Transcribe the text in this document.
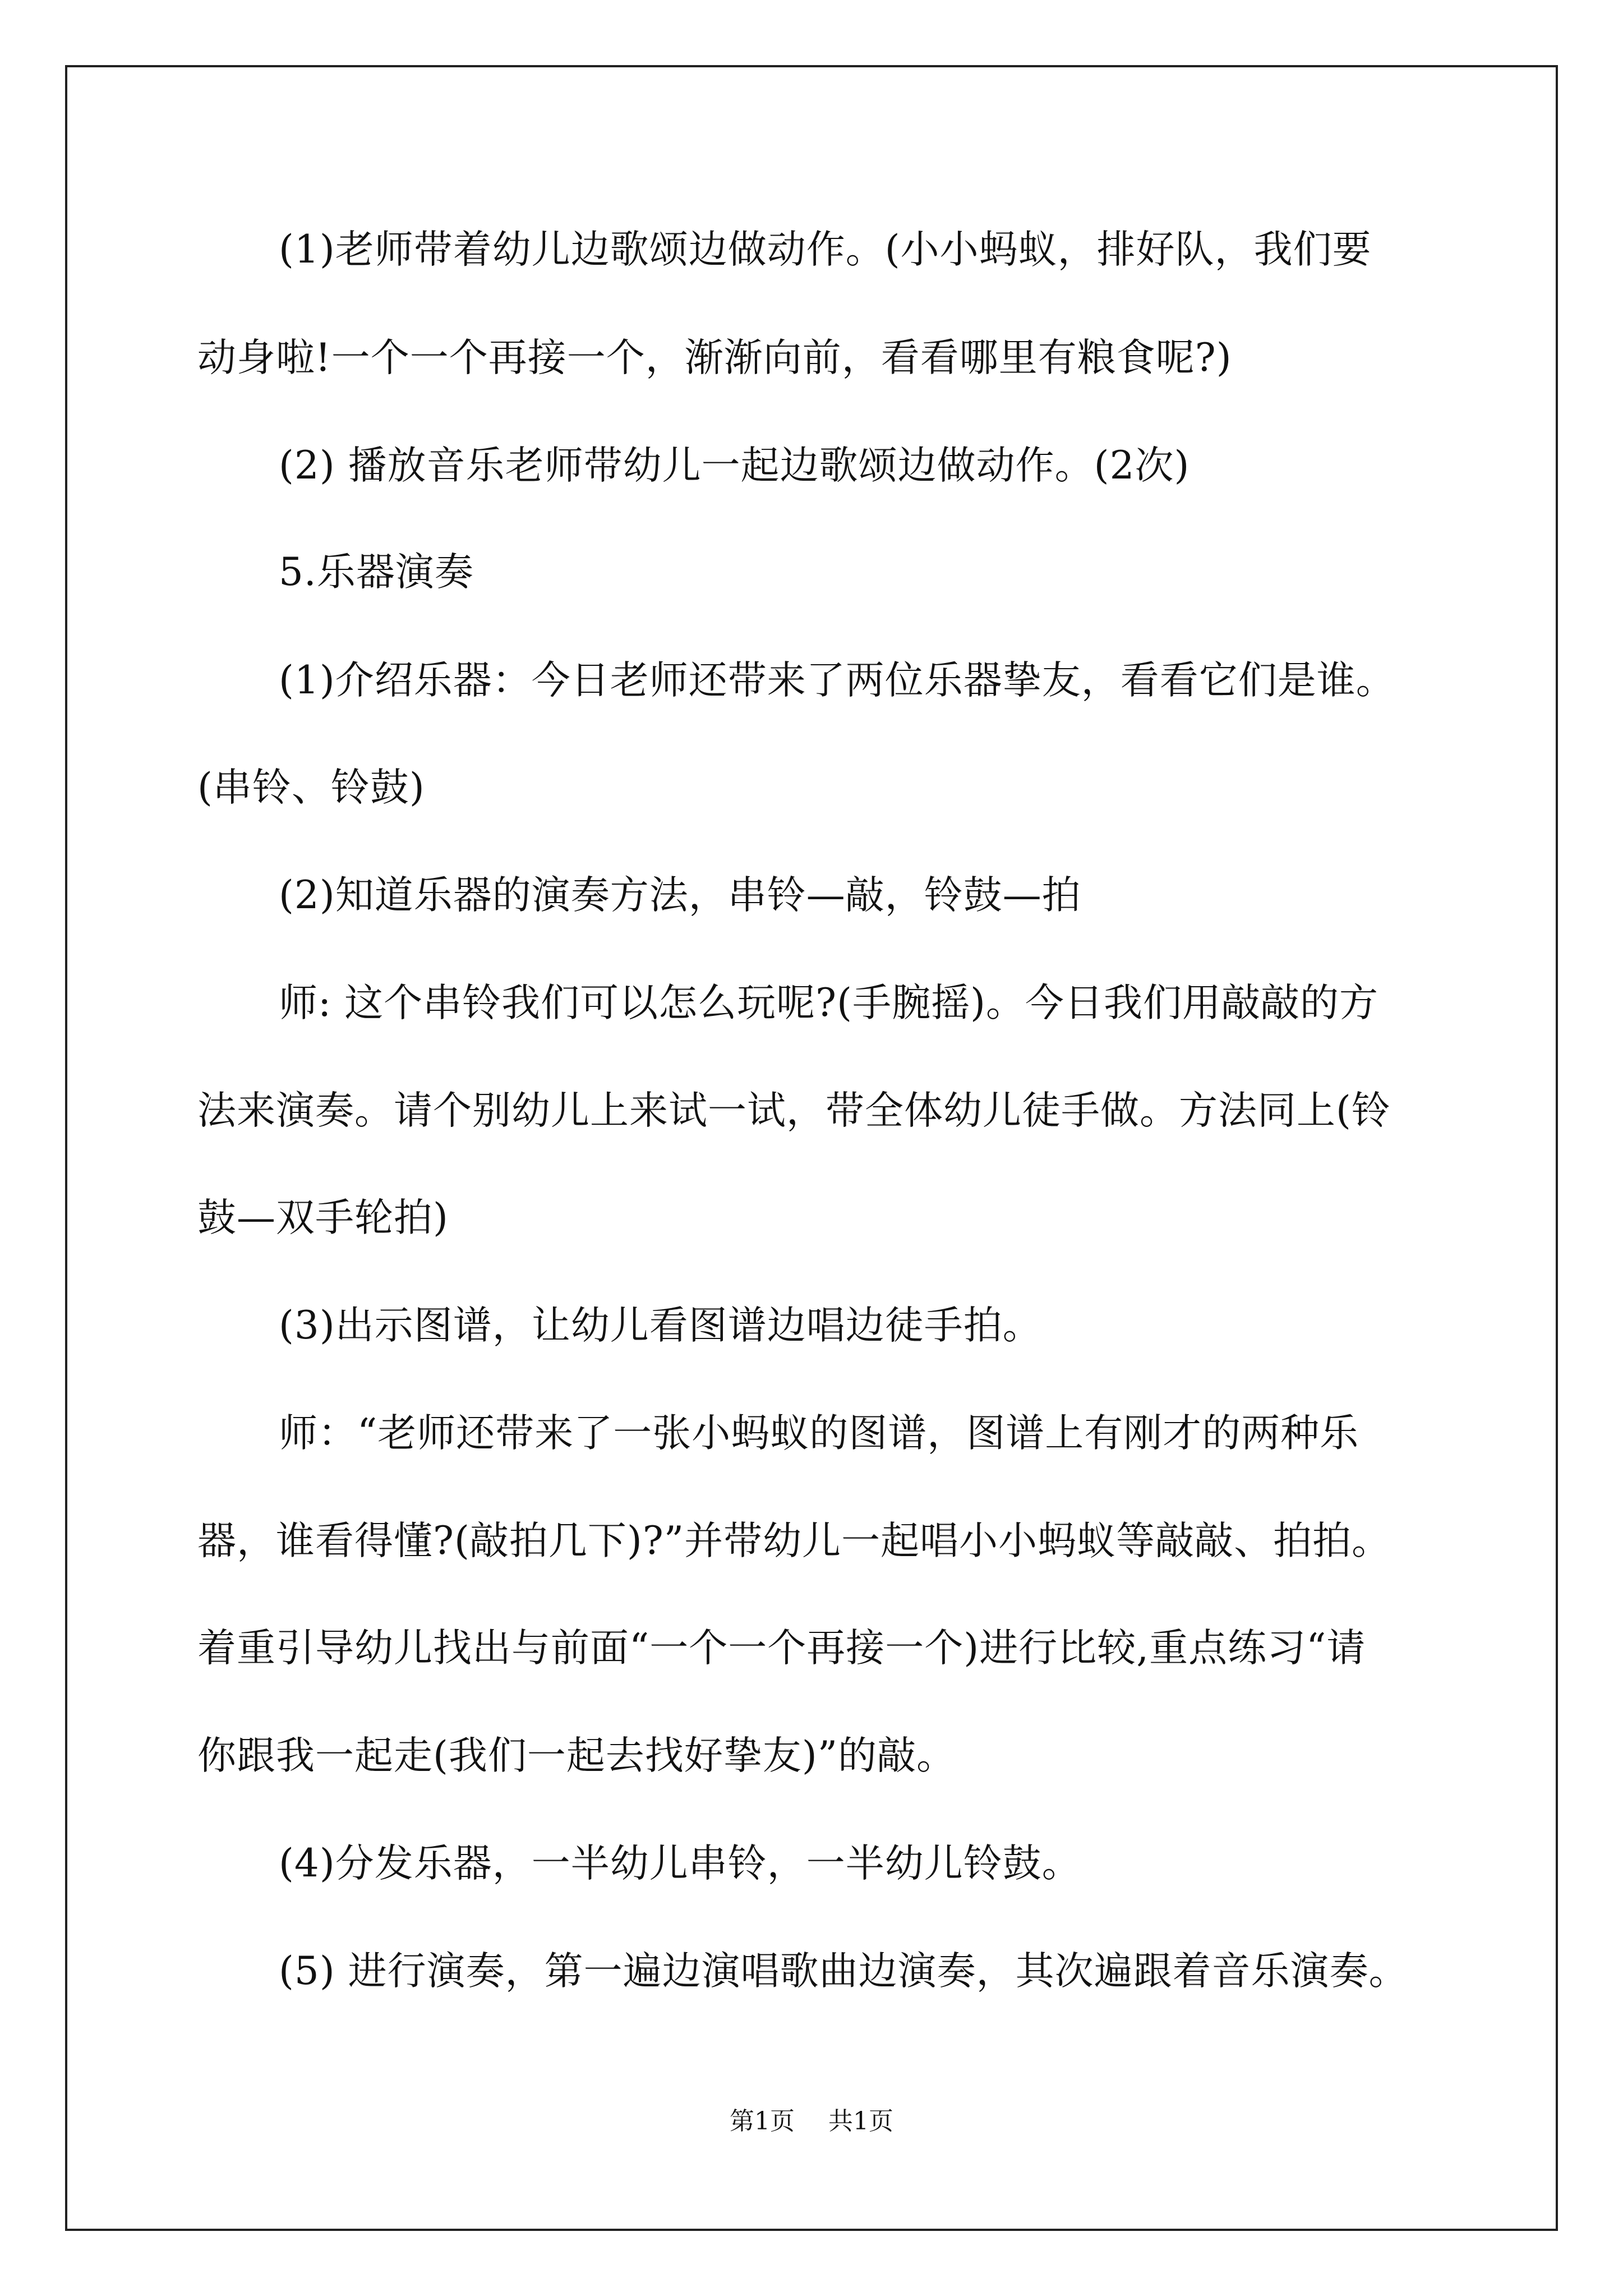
(1)老师带着幼儿边歌颂边做动作。(小小蚂蚁，排好队，我们要
动身啦!一个一个再接一个，渐渐向前，看看哪里有粮食呢?)
(2) 播放音乐老师带幼儿一起边歌颂边做动作。(2次)
5.乐器演奏
(1)介绍乐器：今日老师还带来了两位乐器挚友，看看它们是谁。
(串铃、铃鼓)
(2)知道乐器的演奏方法，串铃—敲，铃鼓—拍
师: 这个串铃我们可以怎么玩呢?(手腕摇)。今日我们用敲敲的方
法来演奏。请个别幼儿上来试一试，带全体幼儿徒手做。方法同上(铃
鼓—双手轮拍)
(3)出示图谱，让幼儿看图谱边唱边徒手拍。
师：“老师还带来了一张小蚂蚁的图谱，图谱上有刚才的两种乐
器，谁看得懂?(敲拍几下)?”并带幼儿一起唱小小蚂蚁等敲敲、拍拍。
着重引导幼儿找出与前面“一个一个再接一个)进行比较,重点练习“请
你跟我一起走(我们一起去找好挚友)”的敲。
(4)分发乐器，一半幼儿串铃，一半幼儿铃鼓。
(5) 进行演奏，第一遍边演唱歌曲边演奏，其次遍跟着音乐演奏。
第1页 共1页
